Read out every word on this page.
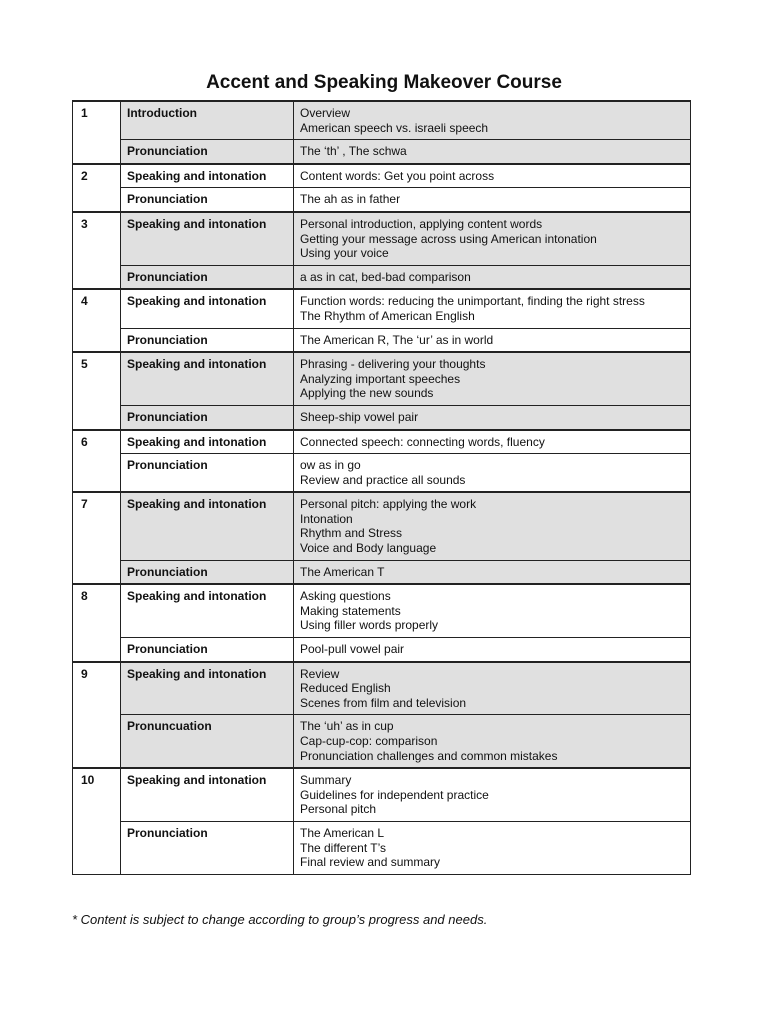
Accent and Speaking Makeover Course
1	Introduction	Overview
American speech vs. israeli speech

	Pronunciation	The ‘th’ , The schwa

2	Speaking and intonation	Content words: Get you point across

	Pronunciation	The ah as in father

3	Speaking and intonation	Personal introduction, applying content words
Getting your message across using American intonation
Using your voice

	Pronunciation	a as in cat, bed-bad comparison

4	Speaking and intonation	Function words: reducing the unimportant, finding the right stress
The Rhythm of American English

	Pronunciation	The American R, The ‘ur’ as in world

5	Speaking and intonation	Phrasing - delivering your thoughts
Analyzing important speeches
Applying the new sounds

	Pronunciation	Sheep-ship vowel pair

6	Speaking and intonation	Connected speech: connecting words, fluency

	Pronunciation	ow as in go
Review and practice all sounds

7	Speaking and intonation	Personal pitch: applying the work
Intonation
Rhythm and Stress
Voice and Body language

	Pronunciation	The American T

8	Speaking and intonation	Asking questions
Making statements
Using filler words properly

	Pronunciation	Pool-pull vowel pair

9	Speaking and intonation	Review
Reduced English
Scenes from film and television

	Pronuncuation	The ‘uh’ as in cup
Cap-cup-cop: comparison
Pronunciation challenges and common mistakes

10	Speaking and intonation	Summary
Guidelines for independent practice
Personal pitch

	Pronunciation	The American L
The different T’s
Final review and summary
* Content is subject to change according to group’s progress and needs.
